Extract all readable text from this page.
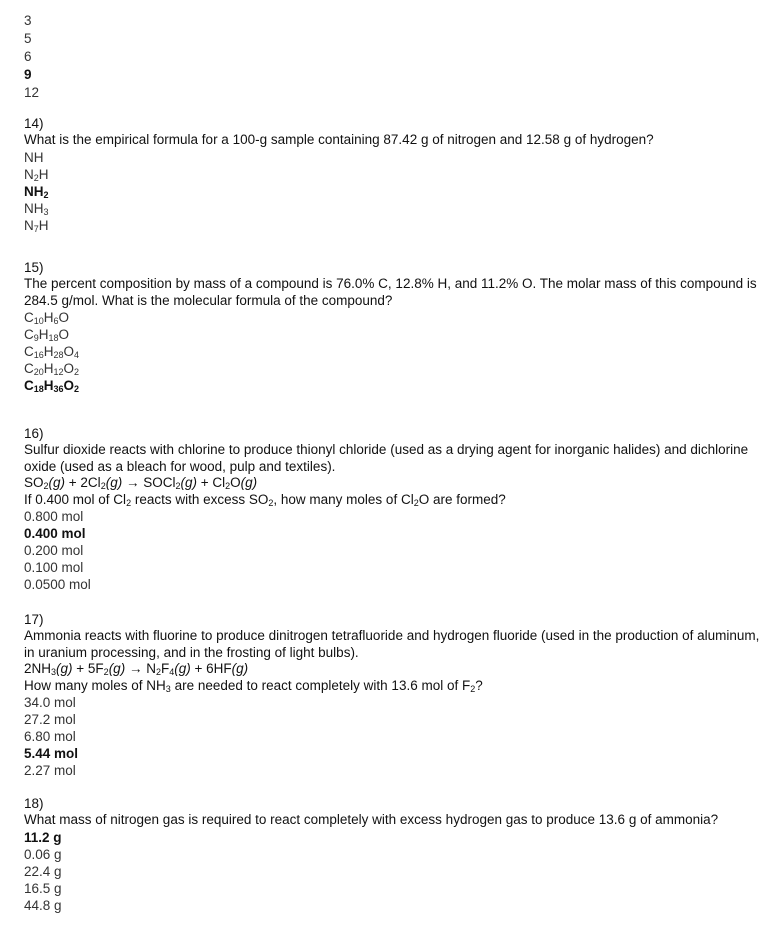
3
5
6
9
12
14)

What is the empirical formula for a 100-g sample containing 87.42 g of nitrogen and 12.58 g of hydrogen?

NH
$N_2H$
$NH_2$
$NH_3$
$N_7H$
15)

The percent composition by mass of a compound is 76.0% C, 12.8% H, and 11.2% O. The molar mass of this compound is 284.5 g/mol. What is the molecular formula of the compound?

$C_{10}H_6O$
$C_9H_{18}O$
$C_{16}H_{28}O_4$
$C_{20}H_{12}O_2$
$C_{18}H_{36}O_2$
16)

Sulfur dioxide reacts with chlorine to produce thionyl chloride (used as a drying agent for inorganic halides) and dichlorine oxide (used as a bleach for wood, pulp and textiles).

$SO_2(g) + 2Cl_2(g)$ → SOCl$_2$(g) + $Cl_2O(g)$
If 0.400 mol of $Cl_2$ reacts with excess $SO_2$, how many moles of $Cl_2O$ are formed?
0.800 mol
0.400 mol
0.200 mol
0.100 mol
0.0500 mol
17)

Ammonia reacts with fluorine to produce dinitrogen tetrafluoride and hydrogen fluoride (used in the production of aluminum, in uranium processing, and in the frosting of light bulbs).

$2NH_3(g) + 5F_2(g) \to N_2F_4(g) + 6HF(g)$
How many moles of $NH_3$ are needed to react completely with 13.6 mol of $F_2$?
34.0 mol
27.2 mol
6.80 mol
5.44 mol
2.27 mol
18)

What mass of nitrogen gas is required to react completely with excess hydrogen gas to produce 13.6 g of ammonia?

11.2 g
0.06 g
22.4 g
16.5 g
44.8 g
